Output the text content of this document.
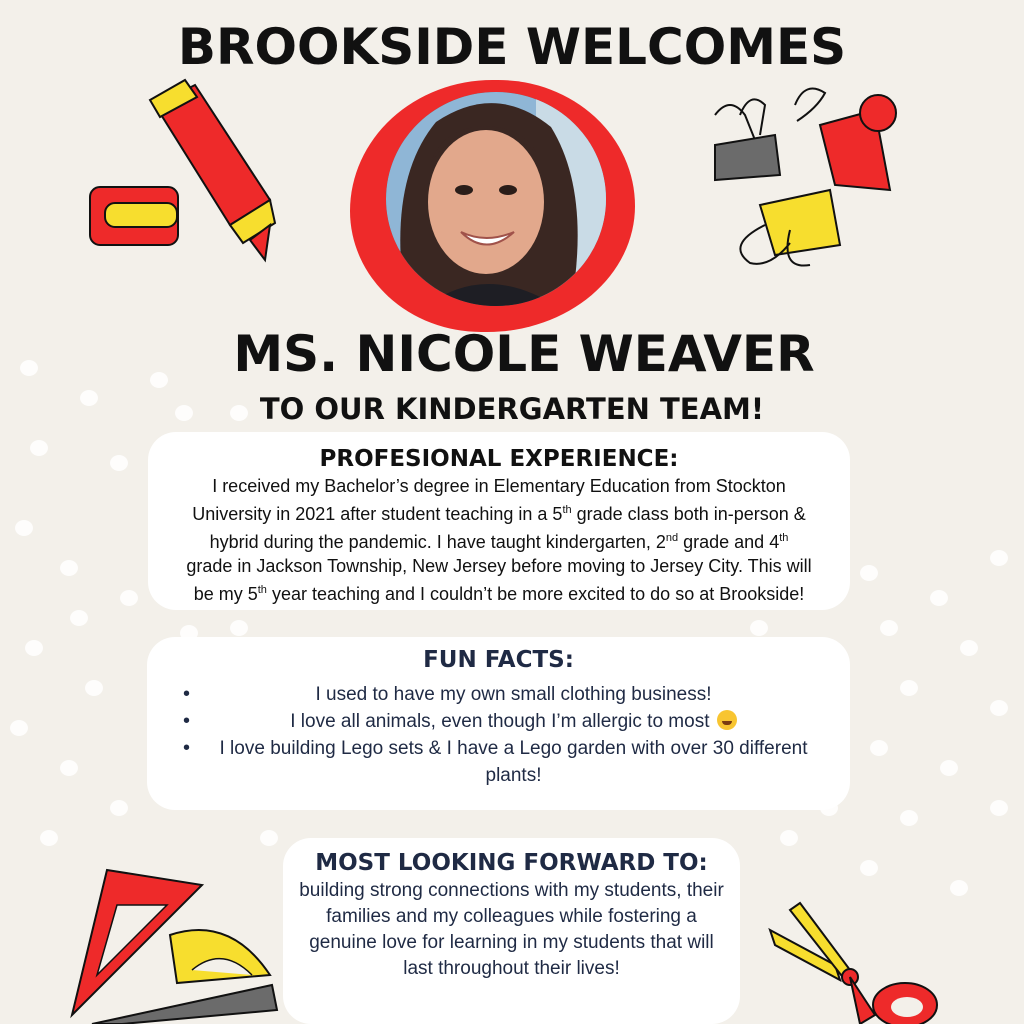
BROOKSIDE WELCOMES
MS. NICOLE WEAVER
TO OUR KINDERGARTEN TEAM!
PROFESIONAL EXPERIENCE:

I received my Bachelor’s degree in Elementary Education from Stockton
University in 2021 after student teaching in a 5th grade class both in-person &
hybrid during the pandemic. I have taught kindergarten, 2nd grade and 4th
grade in Jackson Township, New Jersey before moving to Jersey City. This will
be my 5th year teaching and I couldn’t be more excited to do so at Brookside!

FUN FACTS:
•	I used to have my own small clothing business!
•	I love all animals, even though I’m allergic to most
• I love building Lego sets & I have a Lego garden with over 30 different plants!
MOST LOOKING FORWARD TO:

building strong connections with my students, their families and my colleagues while fostering a genuine love for learning in my students that will last throughout their lives!
